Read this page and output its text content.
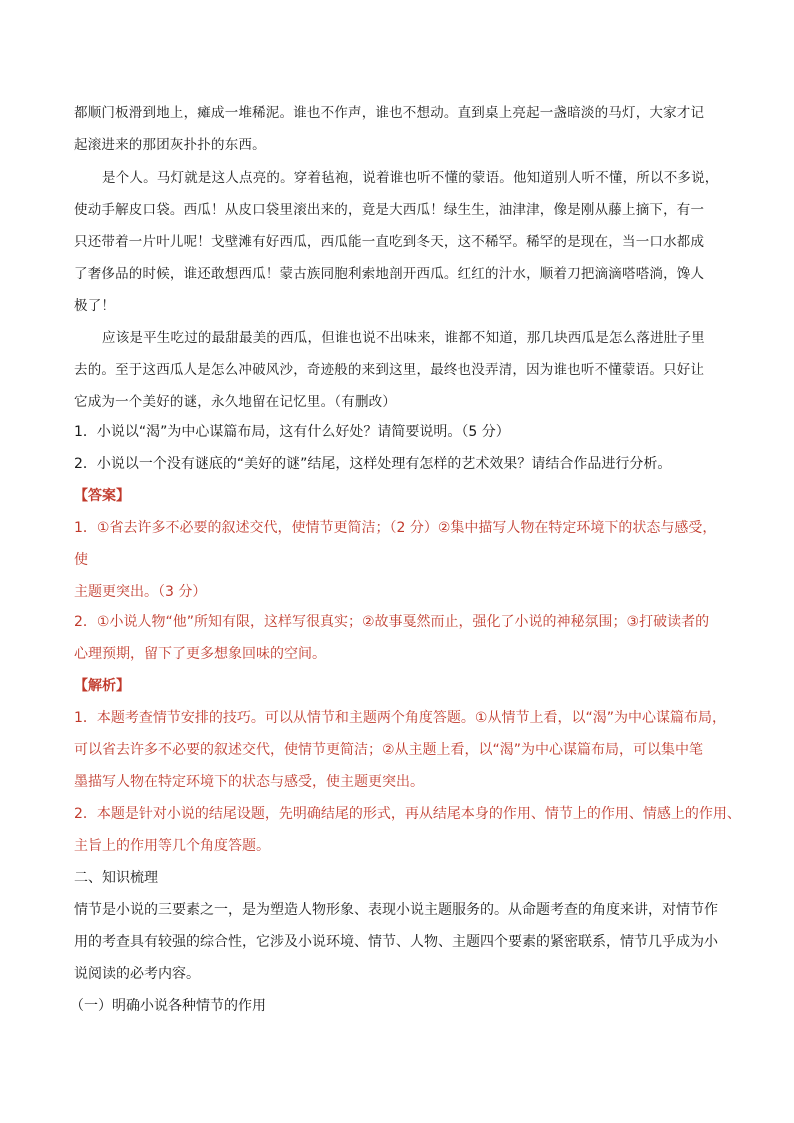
都顺门板滑到地上，瘫成一堆稀泥。谁也不作声，谁也不想动。直到桌上亮起一盏暗淡的马灯，大家才记
起滚进来的那团灰扑扑的东西。
是个人。马灯就是这人点亮的。穿着毡袍，说着谁也听不懂的蒙语。他知道别人听不懂，所以不多说，
使动手解皮口袋。西瓜！从皮口袋里滚出来的，竟是大西瓜！绿生生，油津津，像是刚从藤上摘下，有一
只还带着一片叶儿呢！戈壁滩有好西瓜，西瓜能一直吃到冬天，这不稀罕。稀罕的是现在，当一口水都成
了奢侈品的时候，谁还敢想西瓜！蒙古族同胞利索地剖开西瓜。红红的汁水，顺着刀把滴滴嗒嗒淌，馋人
极了！
应该是平生吃过的最甜最美的西瓜，但谁也说不出味来，谁都不知道，那几块西瓜是怎么落进肚子里
去的。至于这西瓜人是怎么冲破风沙，奇迹般的来到这里，最终也没弄清，因为谁也听不懂蒙语。只好让
它成为一个美好的谜，永久地留在记忆里。（有删改）
1．小说以“渴”为中心谋篇布局，这有什么好处？请简要说明。（5 分）
2．小说以一个没有谜底的“美好的谜”结尾，这样处理有怎样的艺术效果？请结合作品进行分析。
【答案】
1．①省去许多不必要的叙述交代，使情节更简洁；（2 分）②集中描写人物在特定环境下的状态与感受，
使
主题更突出。（3 分）
2．①小说人物“他”所知有限，这样写很真实；②故事戛然而止，强化了小说的神秘氛围；③打破读者的
心理预期，留下了更多想象回味的空间。
【解析】
1．本题考查情节安排的技巧。可以从情节和主题两个角度答题。①从情节上看，以“渴”为中心谋篇布局，
可以省去许多不必要的叙述交代，使情节更简洁；②从主题上看，以“渴”为中心谋篇布局，可以集中笔
墨描写人物在特定环境下的状态与感受，使主题更突出。
2．本题是针对小说的结尾设题，先明确结尾的形式，再从结尾本身的作用、情节上的作用、情感上的作用、
主旨上的作用等几个角度答题。
二、知识梳理
情节是小说的三要素之一，是为塑造人物形象、表现小说主题服务的。从命题考查的角度来讲，对情节作
用的考查具有较强的综合性，它涉及小说环境、情节、人物、主题四个要素的紧密联系，情节几乎成为小
说阅读的必考内容。
（一）明确小说各种情节的作用
